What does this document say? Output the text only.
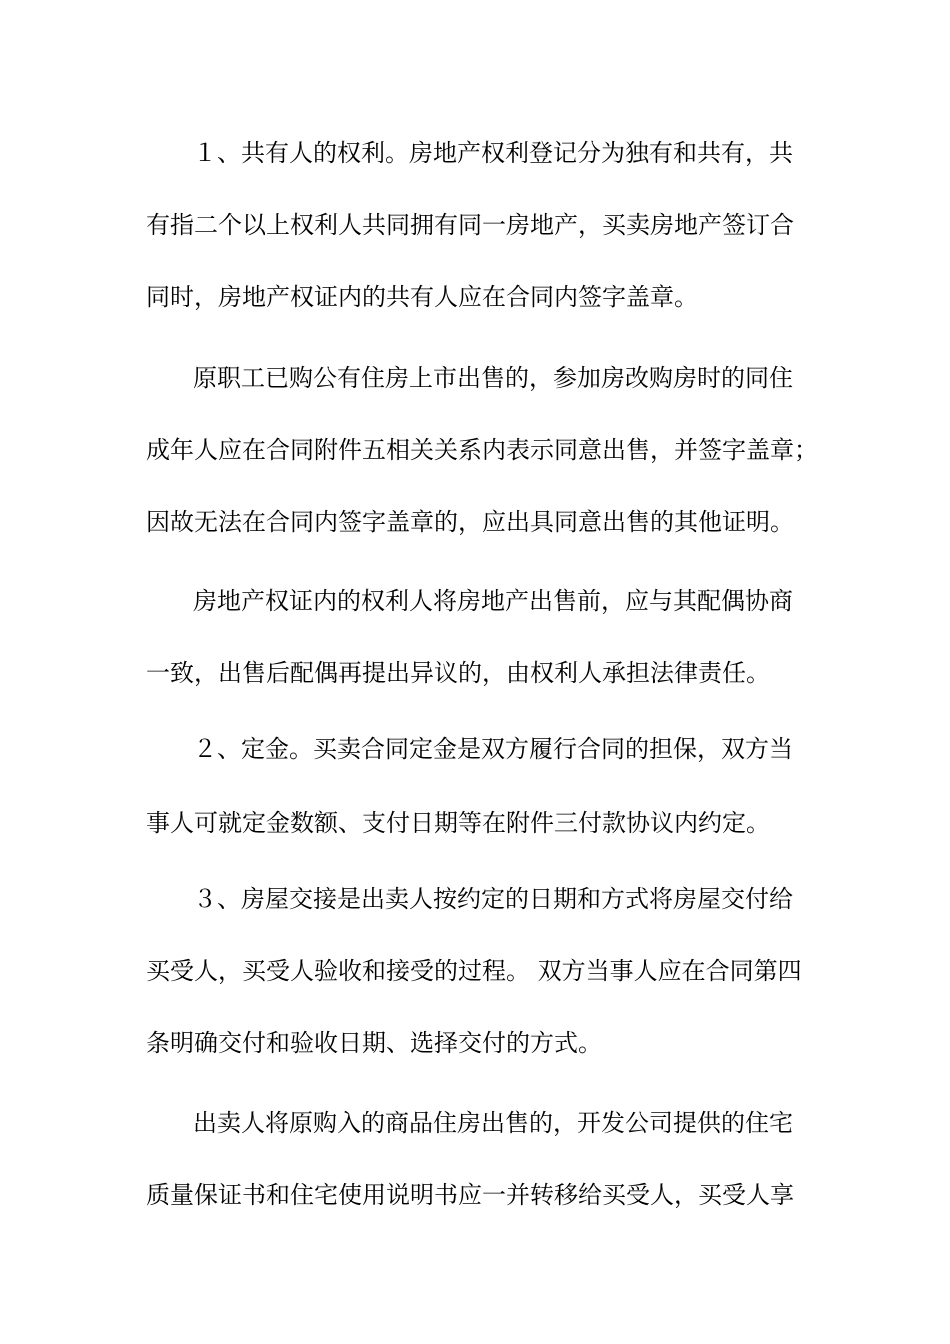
１、共有人的权利。房地产权利登记分为独有和共有，共
有指二个以上权利人共同拥有同一房地产，买卖房地产签订合
同时，房地产权证内的共有人应在合同内签字盖章。
原职工已购公有住房上市出售的，参加房改购房时的同住
成年人应在合同附件五相关关系内表示同意出售，并签字盖章；
因故无法在合同内签字盖章的，应出具同意出售的其他证明。
房地产权证内的权利人将房地产出售前，应与其配偶协商
一致，出售后配偶再提出异议的，由权利人承担法律责任。
２、定金。买卖合同定金是双方履行合同的担保，双方当
事人可就定金数额、支付日期等在附件三付款协议内约定。
３、房屋交接是出卖人按约定的日期和方式将房屋交付给
买受人，买受人验收和接受的过程。 双方当事人应在合同第四
条明确交付和验收日期、选择交付的方式。
出卖人将原购入的商品住房出售的，开发公司提供的住宅
质量保证书和住宅使用说明书应一并转移给买受人，买受人享
